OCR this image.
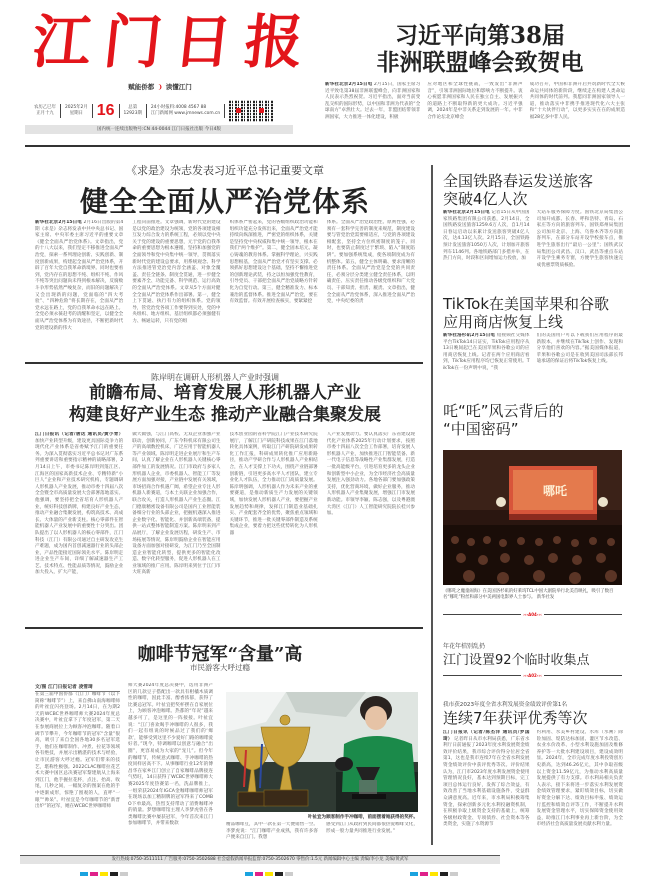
江 门 日 报
赋能侨都 ❩ 读懂江门
农历乙巳年
正月十九
2025年2月
星期日 16	总第
12923期
24小时报料:4008 4567 88
江门新闻网 www.jmnews.com.cn
国内统一连续出版物号:CN 44-0044 江门日报社出版 今日4版
习近平向第38届
非洲联盟峰会致贺电
新华社北京2月15日电 2月15日，国家主席习近平致电第38届非洲联盟峰会，向非洲国家和人民表示热烈祝贺。习近平指出，面对当前变乱交织的国际形势，以中国和非洲为代表的“全球南方”卓然壮大。过去一年，非盟团结带领非洲国家，大力推进一体化建设，积极
应对地区和全球性挑战，一致发出“非洲声音”，引领非洲国际地位和影响力不断提升。衷心祝愿非洲国家和人民在独立自主、发展振兴的道路上不断取得新的更大成功。习近平强调，2024年是中非关系走到发展的一年。中非合作论坛北京峰会
成功召开，中国和非洲开启共筑新时代全天候命运共同体的新阶段，继续走在构建人类命运共同体的时代前列。我愿同非洲国家领导人一道，推动落实中非携手推进现代化六大主张和“十大伙伴行动”，以更多实实在在的成果造福28亿多中非人民。
《求是》杂志发表习近平总书记重要文章
健全全面从严治党体系
新华社北京2月15日电 2月16日出版的第4期《求是》杂志将发表中共中央总书记、国家主席、中央军委主席习近平的重要文章《健全全面从严治党体系》。文章指出，党的十八大以来，我们坚定不移推进全面从严治党，探索一系列理论创新、实践创新、制度创新成果，构建起全面从严治党体系，开辟了百年大党自我革命新境界。同时也要看到，党内存在的思想不纯、组织不纯、作风不纯等突出问题尚未得到根本解决，反腐败斗争形势依然严峻复杂，而旧的问题解决了又会出现新的问题，党面临的“四大考验”、“四种危险”将长期存在，全面从严治党永远在路上，党的自我革命永远在路上。全党必须永葆赶考的清醒和坚定，以健全全面从严治党体系为有效途径，不断把新时代党的建设新的伟大
工程向前推进。文章强调，新时代党的建设是以党的政治建设为统领，党的各项建设相互发力综合发力的系统工程，必须以党中央关于党的建设的重要思想，元于党的自我革命的重要思想为根本遵循，坚持和加强党的全面领导和党中央集中统一领导，贯彻落实新时代党的建设总要求，用系统观念、科学方法推进管党治党内容全涵盖、对象全覆盖、责任全链条、制度全贯通，进一步健全要素齐全、功能完备、科学规范、运行高效的全面从严治党体系。文章从5个方面对健全全面从严治党体系作出部署。第一，健全上下贯通、执行有力的组织体系。党的领导，管党治党各项工作要得到实处，党的中央组织、地方组织、基层组织都必须强健有力、畅通运转，只有党的组
织体系严密起来，党的各级组织政治功能和组织功能充分发挥出来，全面从严治党才能持续向纵深推进，严密党的组织体系，关键是坚持党中央权威和集中统一领导，根本在我们“两个维护”。第二，健全固本培元、凝心铸魂的教育体系。掌握科学理论，兴实践思想根基，全面从严治党才有坚实支撑。必须抓好思想建设这个基础，坚持不懈推进党的创新理论武装，持之以恒加强党性教育，引导党员、干部把全面从严治党战略方针转化为自觉行动。第三，健全精准发力、标本兼治的监督体系。推进全面从严治党，要在有效监督。有效开展检查核实，要紧紧挖
体系。全面从严治党政治性、原则性强，必须有一套科学完善的制度来规范，制度建设要与管党治党需要相适应，与党的各项建设相配套，坚持全方位织密制度的笼子。同时，也要防止制度过于繁琐、陷入“制度陷阱”。要加强系统集成，使各项制度成为有机整体。第五，健全主体明确、要求清晰的责任体系。全面从严治党是全党的共同责任，必须分层分类建立健全责任体系，以明确责任、压实责任推动各级党组织和广大党员、干部知责、担责、履责。文章指出，健全全面从严治党体系，深入推进全面从严治党，中央纪委的责
陈岸明在调研人形机器人产业时强调
前瞻布局、培育发展人形机器人产业
构建良好产业生态 推动产业融合集聚发展
江门日报讯（记者/唐达 通讯员/黄小青） 加快产业转型升级，建设更具国际竞争力的现代化产业体系是省委赋予江门的重要任务。为深入贯彻落实习近平总书记对广东系列重要讲话和重要指示精神的战略部署，2月14日上午，市委书记陈岸明到蓬江区、江海区的国家高新技术企业、专精特新“小巨人”企业和产业技术研究机构，专题调研人形机器人产业发展，推动市委十四届八次全会暨全市高质量发展大会部署落地落实。他强调，要坚持把全省培育人形机器人产业，统好科技创新牌，构建良好产业生态，推动产业融合集聚发展，构筑高技术、高成长、大体量的产业新支柱。核心零部件在智能机器人产业发展中的重要性十分突出。团队提出了以人形机器人的核心零部件，江门科技（江门）有限公司通过自主研发攻克生产难题，成为国内首创减速器行业的头部企业，产品性能接近国际领先水平。陈岸明走进企业生产车间，详细了解减速器生产工艺、技术特点、性能品质等情况，鼓励企业加大投入，扩大产能，
做大做强，与江门高校、无双企业加强产业联动，创新协同，广东今科机床有限公司生产的高端数控机床，广泛应用于智能机器人等产业领域。陈岸明走进企业展厅和生产车间，认真了解企业在人形机器人关键核心零部件加工的发展情况。江门市政府与多家人形机器人企业，市委机器人、智能工厂等发展方面加强对接，产业链中发展有关领域，市场招商合作机遇广阔，希望企业专注人形机器人新赛道，与本土关联企业加强合作，联合攻关，打造人形机器人产业生态圈。江门德康精密设备有限公司是国内工业智能装备细分行业的头部企业，把握机遇深入推进企业数字化、智能化、并创新高端装备，提供一站式整体智能制造方案。陈岸明来到产品展厅，了解企业发展历程，研发生产、市场拓展等情况，陈岸明鼓励企业在智能应用设备方面加强对接研发，为江门乃至全国制造企业智能化转型，提供更多的智能化改造、数字化转型服务，促进人形机器人在工业领域的推广应用。陈岸明来到位于江门市大旺高新
技术创业园的省科学院江门产业技术研究院展厅，了解江门产研院科技成果在江门落地转化具体案例，听取江门产研院研发成果转化工作汇报，科研成果转化推广应用新路径，推动产学研合作与人形机器人产业相结合，在人才支撑上下功夫，围绕产业链部署创新链，引进更多高水平人才团队，建立专业化人才队伍，全力推动江门高质量发展。陈岸明强调，人形机器人作为未来产业的重要赛道，是推动新质生产力发展的关键领域，加快发展人形机器人产业，要把握产业发展趋势和规律，发挥江门制造业基础扎实、产业配套齐全的优势，聚焦重点领域和关键环节，推进一批关键零部件制造及系统集成企业，要着力把这些优势转化为人形机器
人产业发展动力。要认真落实广东省建设现代化产业体系2025年行动计划要求，按照市委十四届八次全会工作部署，培育发展人形机器人产业，加快推进江门智能装备、新一代电子信息等战略性产业集群发展，打造一批高能级平台，引进培育更多的龙头企业和创新型中小企业，为全市经济社会高质量发展注入强劲动力。各地各部门要加强政策支持，优化营商环境，做好企业服务，推动人形机器人产业集聚发展，增强江门市发展新动能。市领导李颖、陈志强，以及粤港澳大湾区（江门）人工智能研究院院长桂兴参加。
咖啡节冠军“含量”高
市民游客大呼过瘾
文/图 江门日报记者 凌雪琦
在第三届中国侨都（江门）咖啡节（以下简称“咖啡节”）上，来自佛山南海咖啡师的叶祉宜闪亮登场。2月14日，在为期2天的WCBC世界咖啡师大赛2024年度总决赛中，叶祉宜拿下了年度冠军，第二天在参展商展位上为顾客冲泡咖啡。随着口碑节节攀升，今年咖啡节的冠军“含量”很高，吸引了来自全国各地30多名冠军选手，他们在咖啡制作、冲煮、拉花等领域各有绝技，并展示出精湛的技术与经验，让市民游客大呼过瘾。冠军们带来的技艺，堪称性极强。2022CLAC咖啡拉花艺术大赛中国区总决赛冠军黎建航从上海来到江门，他手握拉花杯，点注、抬高、收尾，几秒之间，一幅复杂的图案在他的手中逐渐成形，惊艳了围观的人，直呼“一眼”“帅呆”。叶祉宜是今年咖啡节的“新晋出炉”的冠军，她在WCBC世界咖啡师
师大赛2024年度总决赛中，选用非洲产区的几款豆子搭配出一款具有柑橘木质调性的咖啡，因此丰富、醇香浓郁，获得了比赛总冠军。叶祉宜把奖杯摆在自家展位上，为顾客冲泡咖啡。热都的“年况”越来越多可了，是这里的一阵接接。叶祉宜说：“江门喜欢喝手冲咖啡的人很多，我们一起有组说的时候品过了我们的‘爆款’，能够受到这里不少爱好门路的咖啡爱好者。”现今，特调咖啡以创意与融合“出圈”，更容易成为大家的“宠儿”。但今年的咖啡节，传统意式咖啡、手冲咖啡的热度同样居高不下。从事咖啡行业12年的傅昌华在家乡江门创立了自家咖啡品牌接连气势旺，14日获得了WCBC世界咖啡师大赛2025年度热赛第一名，洗品牌推上，一组荣获2024年IGCA金咖啡咖啡师冠军在现场以加工精制牌的冠军得来了COMBO下单最高，热烈支持带动了消费咖啡冲的销量。梦想咖啡馆主理人李梦虎曾在各类咖啡比赛中屡获冠军，今年首次来江门参加咖啡节，并带来数款
叶祉宜为顾客制作手冲咖啡，前面摆着她获得的奖杯。
精品咖啡豆，其中一款在第一天便销售一空。李梦虎说：“江门咖啡产业成熟，我有许多客户便来自江门。我想
感受到江门从政府到民间都很热爱咖啡文化，形成一股力量共同推进行业发展。”
全国铁路春运发送旅客
突破4亿人次
新华社北京2月15日电 记者15日从中国国家铁路集团有限公司获悉，2月14日，全国铁路发送旅客1259.6万人次，自1月14日春运启动以来累计发送旅客突破4亿人次，达4.13亿人次。2月15日，全国铁路预计发送旅客1050万人次，计划加开旅客列车1146列。各地铁路部门多措并举，在热门方向，时段和区间增加运力投放，加
大站车服务保障力度。国铁北京局集团公司加开成都、长春、呼和浩特、青岛、石家庄等方向的旅客列车，国铁郑州局集团公司加开北京、上海、乌鲁木齐等方向旅客列车，在部分车站开设学校接车点，推进学生旅客出行“最后一公里”；国铁武汉局集团公司武昌、汉口、武昌等重点车站开设学生乘务专窗，方便学生旅客快速完成优惠票资质核验。
TikTok在美国苹果和谷歌
应用商店恢复上线
新华社洛杉矶2月15日电 短视频社交媒体平台TikTok14日证实，TikTok应用程序从13日晚间起已在美国苹果和谷歌公司的应用商店恢复上线。记者在两个应用商店看到，TikTok应用程序均已恢复正常使用。TikTok在一份声明中说，“我
们的美国用户可以下载我们应用程序的最新版本，并继续在TikTok上创作、发现和分享他们喜欢的内容。”据美国媒体报道，苹果和谷歌公司是在收到美国司法部长邦迪承诺的保证后将TikTok恢复上线。
吒“吒”风云背后的
“中国密码”
哪吒
《哪吒之魔童闹海》在美国洛杉矶的好莱坞TCL中国大剧院举行北美首映礼，吸引了数百名“哪吒”粉丝和部分中美两国电影界人士参与。 新华社发
›››A04‹‹‹
年花年桔别乱扔
江门设置92个临时收集点
›››A02‹‹‹
我市获2023年度全省水利发展资金绩效评价第1名
连续7年获评优秀等次
江门日报讯（记者/陈杰洋 通讯员/罗国琦） 记者昨日从市水利局获悉，广东省水利厅日前通报了2023年度水利发展资金绩效评价结果，我市综合评价得分位居全省第1，这也是我市连续7年在全省水利发展资金绩效评价中获评优秀等次。评价结果认为，江门市2023年度水利发展资金使用管理情况良好，基本达到预期目标，完工项目总体运行良好，发挥了综合效益，有效改善了当地水利基础设施条件，受益群众满意度高。近年来，市水利局积极筹集资金，探索创新多元化水利投融资机制，在积极争取上级资金支持的基础上，统筹各级财政资金、专项债券、社会资本等各类资金，实施了水资源节
约利用、水美乡村建设、水库（水闸）除险加固、堤防达标加固、灌区节水改造、农业水价改革、小型水利设施加固及维修养护等一大批水利建设项目，建设成效明显。2024年，全市完成年度水利投资创历史新高，达到46.26亿元，其中争取省级以上资金11.59亿元，为推动水利高质量发展提供了有力支撑。市水利局相关负责人表示，接下来将进一步落实水利发展资金绩效管理要求，紧盯绩效目标，切实做好资金分解下达、绩效目标申报、绩效运行监控和绩效自评等工作，不断提升水利发展资金管理水平，切实保障资金使用效益，助推江门水利事业再上新台阶，为全市经济社会高质量发展贡献水利力量。
发行热线:0750-3511111 广告服务:0750-3502688 社会虚假新闻举报监督:0750-3502670 零售价:1.5元 新闻编辑中心主编 责编/李小龙 美编/黄武军
